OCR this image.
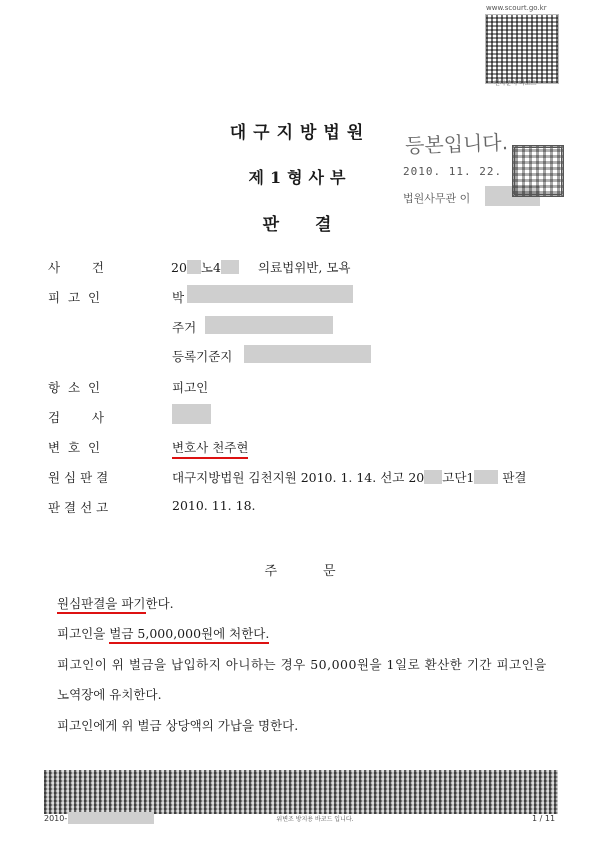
www.scourt.go.kr
전자문서 바코드
대구지방법원
제1형사부
판결
등본입니다.
2010. 11. 22.
법원사무관 이
사        건	20 노4	의료법위반, 모욕
피  고  인	박
주거
등록기준지
항  소  인	피고인
검        사
변  호  인	변호사 천주현
원 심 판 결	대구지방법원 김천지원 2010. 1. 14. 선고 20 고단1 판결
판 결 선 고	2010. 11. 18.
주문
원심판결을 파기한다.
피고인을 벌금 5,000,000원에 처한다.
피고인이 위 벌금을 납입하지 아니하는 경우 50,000원을 1일로 환산한 기간 피고인을
노역장에 유치한다.
피고인에게 위 벌금 상당액의 가납을 명한다.
2010-	위변조 방지용 바코드 입니다.	1 / 11
